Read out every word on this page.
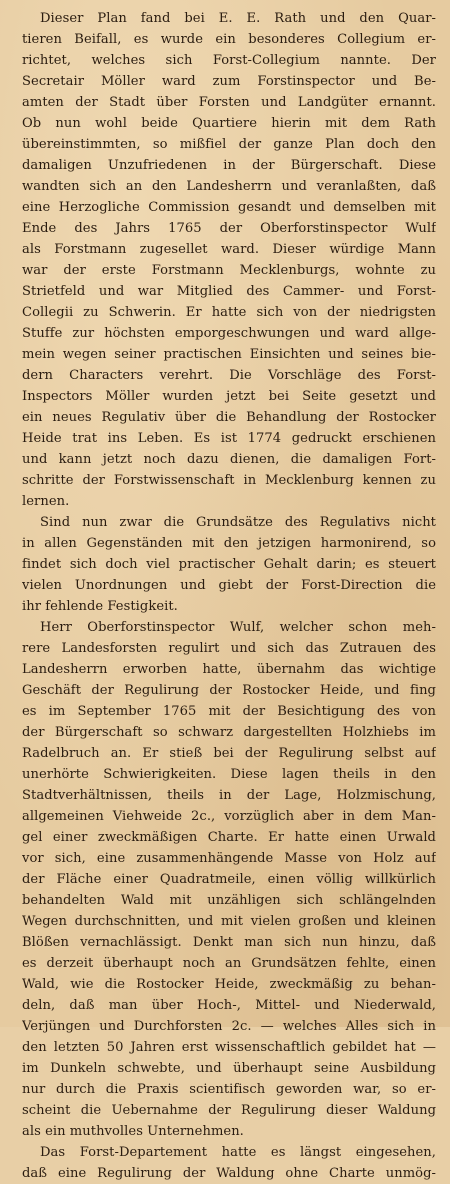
Dieser Plan fand bei E. E. Rath und den Quar-
tieren Beifall, es wurde ein besonderes Collegium er-
richtet, welches sich Forst-Collegium nannte. Der
Secretair Möller ward zum Forstinspector und Be-
amten der Stadt über Forsten und Landgüter ernannt.
Ob nun wohl beide Quartiere hierin mit dem Rath
übereinstimmten, so mißfiel der ganze Plan doch den
damaligen Unzufriedenen in der Bürgerschaft. Diese
wandten sich an den Landesherrn und veranlaßten, daß
eine Herzogliche Commission gesandt und demselben mit
Ende des Jahrs 1765 der Oberforstinspector Wulf
als Forstmann zugesellet ward. Dieser würdige Mann
war der erste Forstmann Mecklenburgs, wohnte zu
Strietfeld und war Mitglied des Cammer- und Forst-
Collegii zu Schwerin. Er hatte sich von der niedrigsten
Stuffe zur höchsten emporgeschwungen und ward allge-
mein wegen seiner practischen Einsichten und seines bie-
dern Characters verehrt. Die Vorschläge des Forst-
Inspectors Möller wurden jetzt bei Seite gesetzt und
ein neues Regulativ über die Behandlung der Rostocker
Heide trat ins Leben. Es ist 1774 gedruckt erschienen
und kann jetzt noch dazu dienen, die damaligen Fort-
schritte der Forstwissenschaft in Mecklenburg kennen zu
lernen.
Sind nun zwar die Grundsätze des Regulativs nicht
in allen Gegenständen mit den jetzigen harmonirend, so
findet sich doch viel practischer Gehalt darin; es steuert
vielen Unordnungen und giebt der Forst-Direction die
ihr fehlende Festigkeit.
Herr Oberforstinspector Wulf, welcher schon meh-
rere Landesforsten regulirt und sich das Zutrauen des
Landesherrn erworben hatte, übernahm das wichtige
Geschäft der Regulirung der Rostocker Heide, und fing
es im September 1765 mit der Besichtigung des von
der Bürgerschaft so schwarz dargestellten Holzhiebs im
Radelbruch an. Er stieß bei der Regulirung selbst auf
unerhörte Schwierigkeiten. Diese lagen theils in den
Stadtverhältnissen, theils in der Lage, Holzmischung,
allgemeinen Viehweide 2c., vorzüglich aber in dem Man-
gel einer zweckmäßigen Charte. Er hatte einen Urwald
vor sich, eine zusammenhängende Masse von Holz auf
der Fläche einer Quadratmeile, einen völlig willkürlich
behandelten Wald mit unzähligen sich schlängelnden
Wegen durchschnitten, und mit vielen großen und kleinen
Blößen vernachlässigt. Denkt man sich nun hinzu, daß
es derzeit überhaupt noch an Grundsätzen fehlte, einen
Wald, wie die Rostocker Heide, zweckmäßig zu behan-
deln, daß man über Hoch-, Mittel- und Niederwald,
Verjüngen und Durchforsten 2c. — welches Alles sich in
den letzten 50 Jahren erst wissenschaftlich gebildet hat —
im Dunkeln schwebte, und überhaupt seine Ausbildung
nur durch die Praxis scientifisch geworden war, so er-
scheint die Uebernahme der Regulirung dieser Waldung
als ein muthvolles Unternehmen.
Das Forst-Departement hatte es längst eingesehen,
daß eine Regulirung der Waldung ohne Charte unmög-
